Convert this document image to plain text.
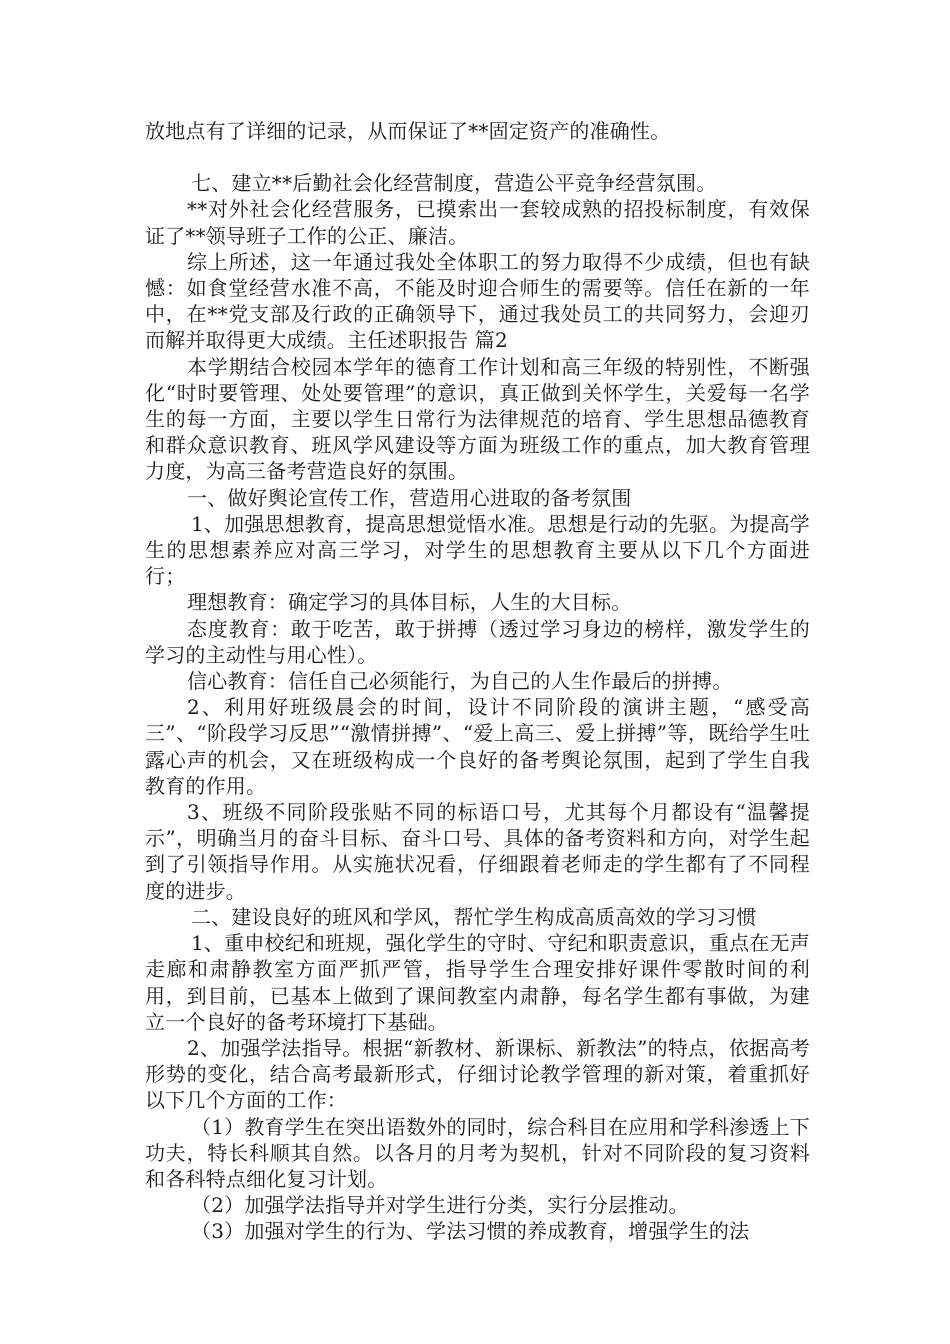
放地点有了详细的记录，从而保证了**固定资产的准确性。

七、建立**后勤社会化经营制度，营造公平竞争经营氛围。

**对外社会化经营服务，已摸索出一套较成熟的招投标制度，有效保证了**领导班子工作的公正、廉洁。

综上所述，这一年通过我处全体职工的努力取得不少成绩，但也有缺憾：如食堂经营水准不高，不能及时迎合师生的需要等。信任在新的一年中，在**党支部及行政的正确领导下，通过我处员工的共同努力，会迎刃而解并取得更大成绩。主任述职报告 篇2

本学期结合校园本学年的德育工作计划和高三年级的特别性，不断强化“时时要管理、处处要管理”的意识，真正做到关怀学生，关爱每一名学生的每一方面，主要以学生日常行为法律规范的培育、学生思想品德教育和群众意识教育、班风学风建设等方面为班级工作的重点，加大教育管理力度，为高三备考营造良好的氛围。

一、做好舆论宣传工作，营造用心进取的备考氛围

1、加强思想教育，提高思想觉悟水准。思想是行动的先驱。为提高学生的思想素养应对高三学习，对学生的思想教育主要从以下几个方面进行；

理想教育：确定学习的具体目标，人生的大目标。

态度教育：敢于吃苦，敢于拼搏（透过学习身边的榜样，激发学生的学习的主动性与用心性）。

信心教育：信任自己必须能行，为自己的人生作最后的拼搏。

2、利用好班级晨会的时间，设计不同阶段的演讲主题，“感受高三”、“阶段学习反思”“激情拼搏”、“爱上高三、爱上拼搏”等，既给学生吐露心声的机会，又在班级构成一个良好的备考舆论氛围，起到了学生自我教育的作用。

3、班级不同阶段张贴不同的标语口号，尤其每个月都设有“温馨提示”，明确当月的奋斗目标、奋斗口号、具体的备考资料和方向，对学生起到了引领指导作用。从实施状况看，仔细跟着老师走的学生都有了不同程度的进步。

二、建设良好的班风和学风，帮忙学生构成高质高效的学习习惯

1、重申校纪和班规，强化学生的守时、守纪和职责意识，重点在无声走廊和肃静教室方面严抓严管，指导学生合理安排好课件零散时间的利用，到目前，已基本上做到了课间教室内肃静，每名学生都有事做，为建立一个良好的备考环境打下基础。

2、加强学法指导。根据“新教材、新课标、新教法”的特点，依据高考形势的变化，结合高考最新形式，仔细讨论教学管理的新对策，着重抓好以下几个方面的工作：

（1）教育学生在突出语数外的同时，综合科目在应用和学科渗透上下功夫，特长科顺其自然。以各月的月考为契机，针对不同阶段的复习资料和各科特点细化复习计划。

（2）加强学法指导并对学生进行分类，实行分层推动。

（3）加强对学生的行为、学法习惯的养成教育，增强学生的法
